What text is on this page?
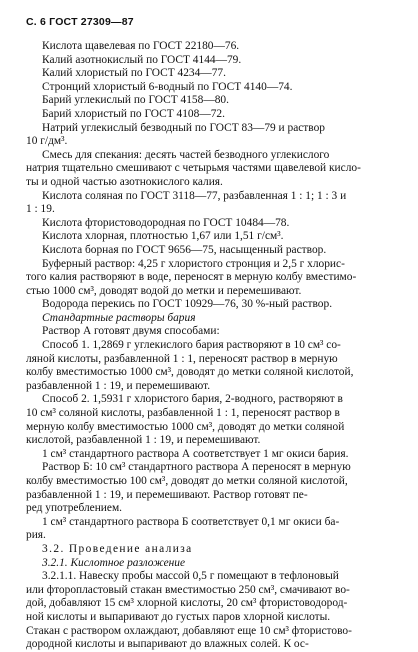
С. 6 ГОСТ 27309—87
Кислота щавелевая по ГОСТ 22180—76.
Калий азотнокислый по ГОСТ 4144—79.
Калий хлористый по ГОСТ 4234—77.
Стронций хлористый 6-водный по ГОСТ 4140—74.
Барий углекислый по ГОСТ 4158—80.
Барий хлористый по ГОСТ 4108—72.
Натрий углекислый безводный по ГОСТ 83—79 и раствор
10 г/дм³.
Смесь для спекания: десять частей безводного углекислого
натрия тщательно смешивают с четырьмя частями щавелевой кисло-
ты и одной частью азотнокислого калия.
Кислота соляная по ГОСТ 3118—77, разбавленная 1 : 1; 1 : 3 и
1 : 19.
Кислота фтористоводородная по ГОСТ 10484—78.
Кислота хлорная, плотностью 1,67 или 1,51 г/см³.
Кислота борная по ГОСТ 9656—75, насыщенный раствор.
Буферный раствор: 4,25 г хлористого стронция и 2,5 г хлорис-
того калия растворяют в воде, переносят в мерную колбу вместимо-
стью 1000 см³, доводят водой до метки и перемешивают.
Водорода перекись по ГОСТ 10929—76, 30 %-ный раствор.
Стандартные растворы бария
Раствор А готовят двумя способами:
Способ 1. 1,2869 г углекислого бария растворяют в 10 см³ со-
ляной кислоты, разбавленной 1 : 1, переносят раствор в мерную
колбу вместимостью 1000 см³, доводят до метки соляной кислотой,
разбавленной 1 : 19, и перемешивают.
Способ 2. 1,5931 г хлористого бария, 2-водного, растворяют в
10 см³ соляной кислоты, разбавленной 1 : 1, переносят раствор в
мерную колбу вместимостью 1000 см³, доводят до метки соляной
кислотой, разбавленной 1 : 19, и перемешивают.
1 см³ стандартного раствора А соответствует 1 мг окиси бария.
Раствор Б: 10 см³ стандартного раствора А переносят в мерную
колбу вместимостью 100 см³, доводят до метки соляной кислотой,
разбавленной 1 : 19, и перемешивают. Раствор готовят пе-
ред употреблением.
1 см³ стандартного раствора Б соответствует 0,1 мг окиси ба-
рия.
3.2. Проведение анализа
3.2.1. Кислотное разложение
3.2.1.1. Навеску пробы массой 0,5 г помещают в тефлоновый
или фторопластовый стакан вместимостью 250 см³, смачивают во-
дой, добавляют 15 см³ хлорной кислоты, 20 см³ фтористоводород-
ной кислоты и выпаривают до густых паров хлорной кислоты.
Стакан с раствором охлаждают, добавляют еще 10 см³ фтористово-
дородной кислоты и выпаривают до влажных солей. К ос-
